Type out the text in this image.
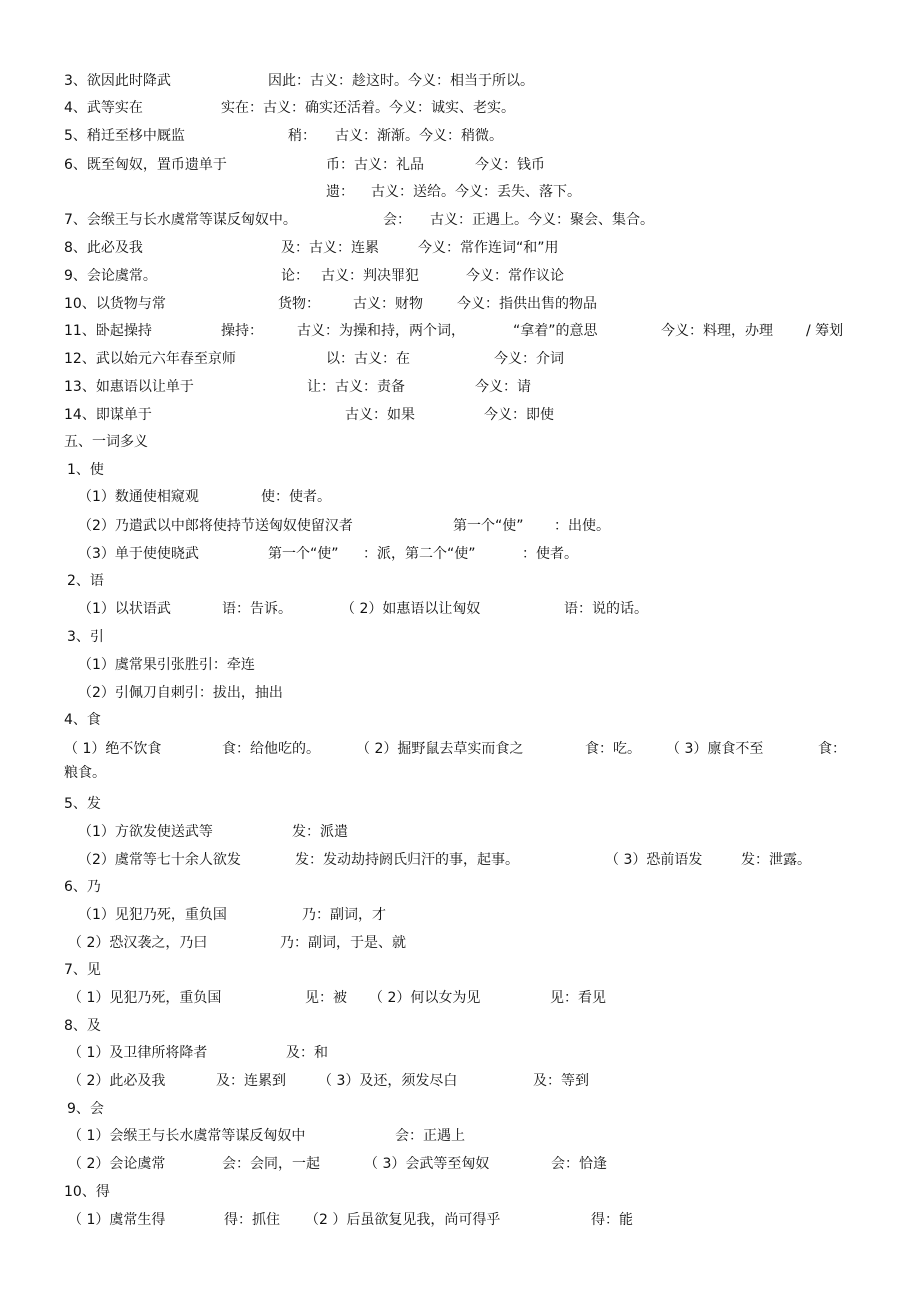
3、欲因此时降武	因此：古义：趁这时。今义：相当于所以。
4、武等实在	实在：古义：确实还活着。今义：诚实、老实。
5、稍迁至栘中厩监	稍： 古义：渐渐。今义：稍微。
6、既至匈奴，置币遗单于	币：古义：礼品	今义：钱币
遗： 古义：送给。今义：丢失、落下。
7、会缑王与长水虞常等谋反匈奴中。	会： 古义：正遇上。今义：聚会、集合。
8、此必及我	及：古义：连累	今义：常作连词“和”用
9、会论虞常。	论： 古义：判决罪犯	今义：常作议论
10、以货物与常	货物： 古义：财物 今义：指供出售的物品
11、卧起操持	操持： 古义：为操和持，两个词，	“拿着”的意思	今义：料理，办理 / 筹划
12、武以始元六年春至京师	以：古义：在	今义：介词
13、如惠语以让单于	让：古义：责备	今义：请
14、即谋单于	古义：如果	今义：即使
五、一词多义
1、使
（1）数通使相窥观	使：使者。
（2）乃遣武以中郎将使持节送匈奴使留汉者	第一个“使” ：出使。
（3）单于使使晓武	第一个“使” ：派，第二个“使”	：使者。
2、语
（1）以状语武	语：告诉。	（ 2）如惠语以让匈奴	语：说的话。
3、引
（1）虞常果引张胜引：牵连
（2）引佩刀自刺引：拔出，抽出
4、食
（ 1）绝不饮食	食：给他吃的。	（ 2）掘野鼠去草实而食之	食：吃。 （ 3）廪食不至	食：
粮食。
5、发
（1）方欲发使送武等	发：派遣
（2）虞常等七十余人欲发	发：发动劫持阏氏归汗的事，起事。	（ 3）恐前语发	发：泄露。
6、乃
（1）见犯乃死，重负国	乃：副词，才
（ 2）恐汉袭之，乃曰	乃：副词，于是、就
7、见
（ 1）见犯乃死，重负国	见：被 （ 2）何以女为见	见：看见
8、及
（ 1）及卫律所将降者	及：和
（ 2）此必及我	及：连累到 （ 3）及还，须发尽白	及：等到
9、会
（ 1）会缑王与长水虞常等谋反匈奴中	会：正遇上
（ 2）会论虞常	会：会同，一起	（ 3）会武等至匈奴	会：恰逢
10、得
（ 1）虞常生得	得：抓住 （2 ）后虽欲复见我，尚可得乎	得：能
